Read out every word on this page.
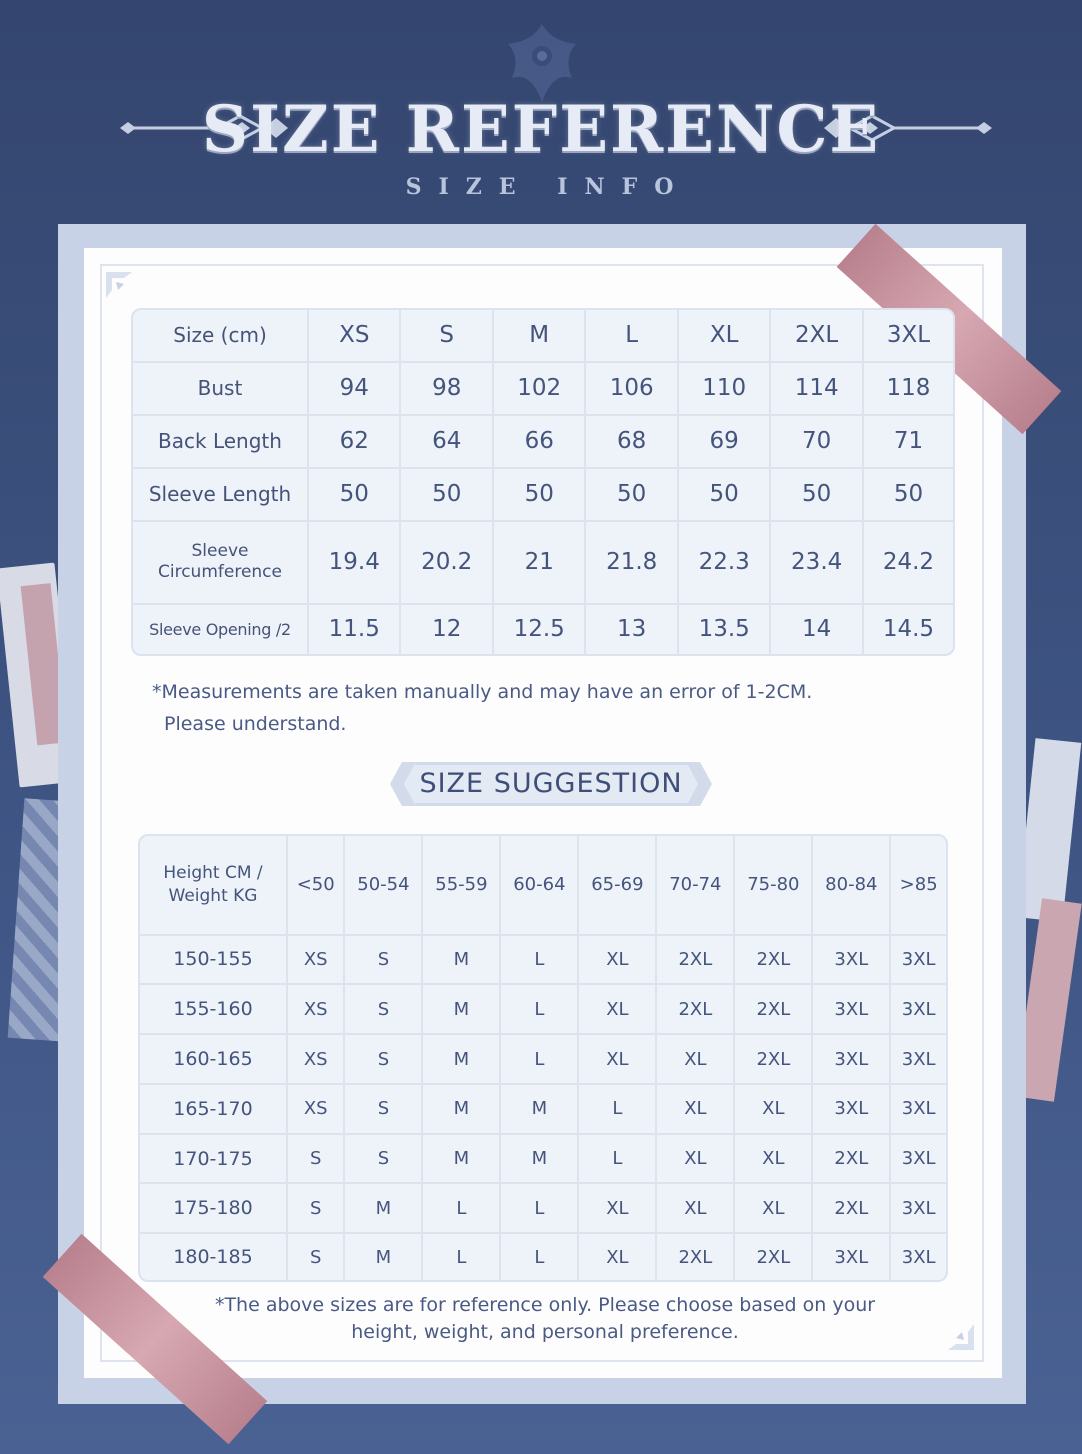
SIZE REFERENCE
SIZE INFO
Size (cm)	XS	S	M	L	XL	2XL	3XL
Bust	94	98	102	106	110	114	118
Back Length	62	64	66	68	69	70	71
Sleeve Length	50	50	50	50	50	50	50
Sleeve
Circumference	19.4	20.2	21	21.8	22.3	23.4	24.2
Sleeve Opening /2	11.5	12	12.5	13	13.5	14	14.5
*Measurements are taken manually and may have an error of 1-2CM.
Please understand.
SIZE SUGGESTION
Height CM /
Weight KG	<50	50-54	55-59	60-64	65-69	70-74	75-80	80-84	>85
150-155	XS	S	M	L	XL	2XL	2XL	3XL	3XL
155-160	XS	S	M	L	XL	2XL	2XL	3XL	3XL
160-165	XS	S	M	L	XL	XL	2XL	3XL	3XL
165-170	XS	S	M	M	L	XL	XL	3XL	3XL
170-175	S	S	M	M	L	XL	XL	2XL	3XL
175-180	S	M	L	L	XL	XL	XL	2XL	3XL
180-185	S	M	L	L	XL	2XL	2XL	3XL	3XL
*The above sizes are for reference only. Please choose based on your
height, weight, and personal preference.
